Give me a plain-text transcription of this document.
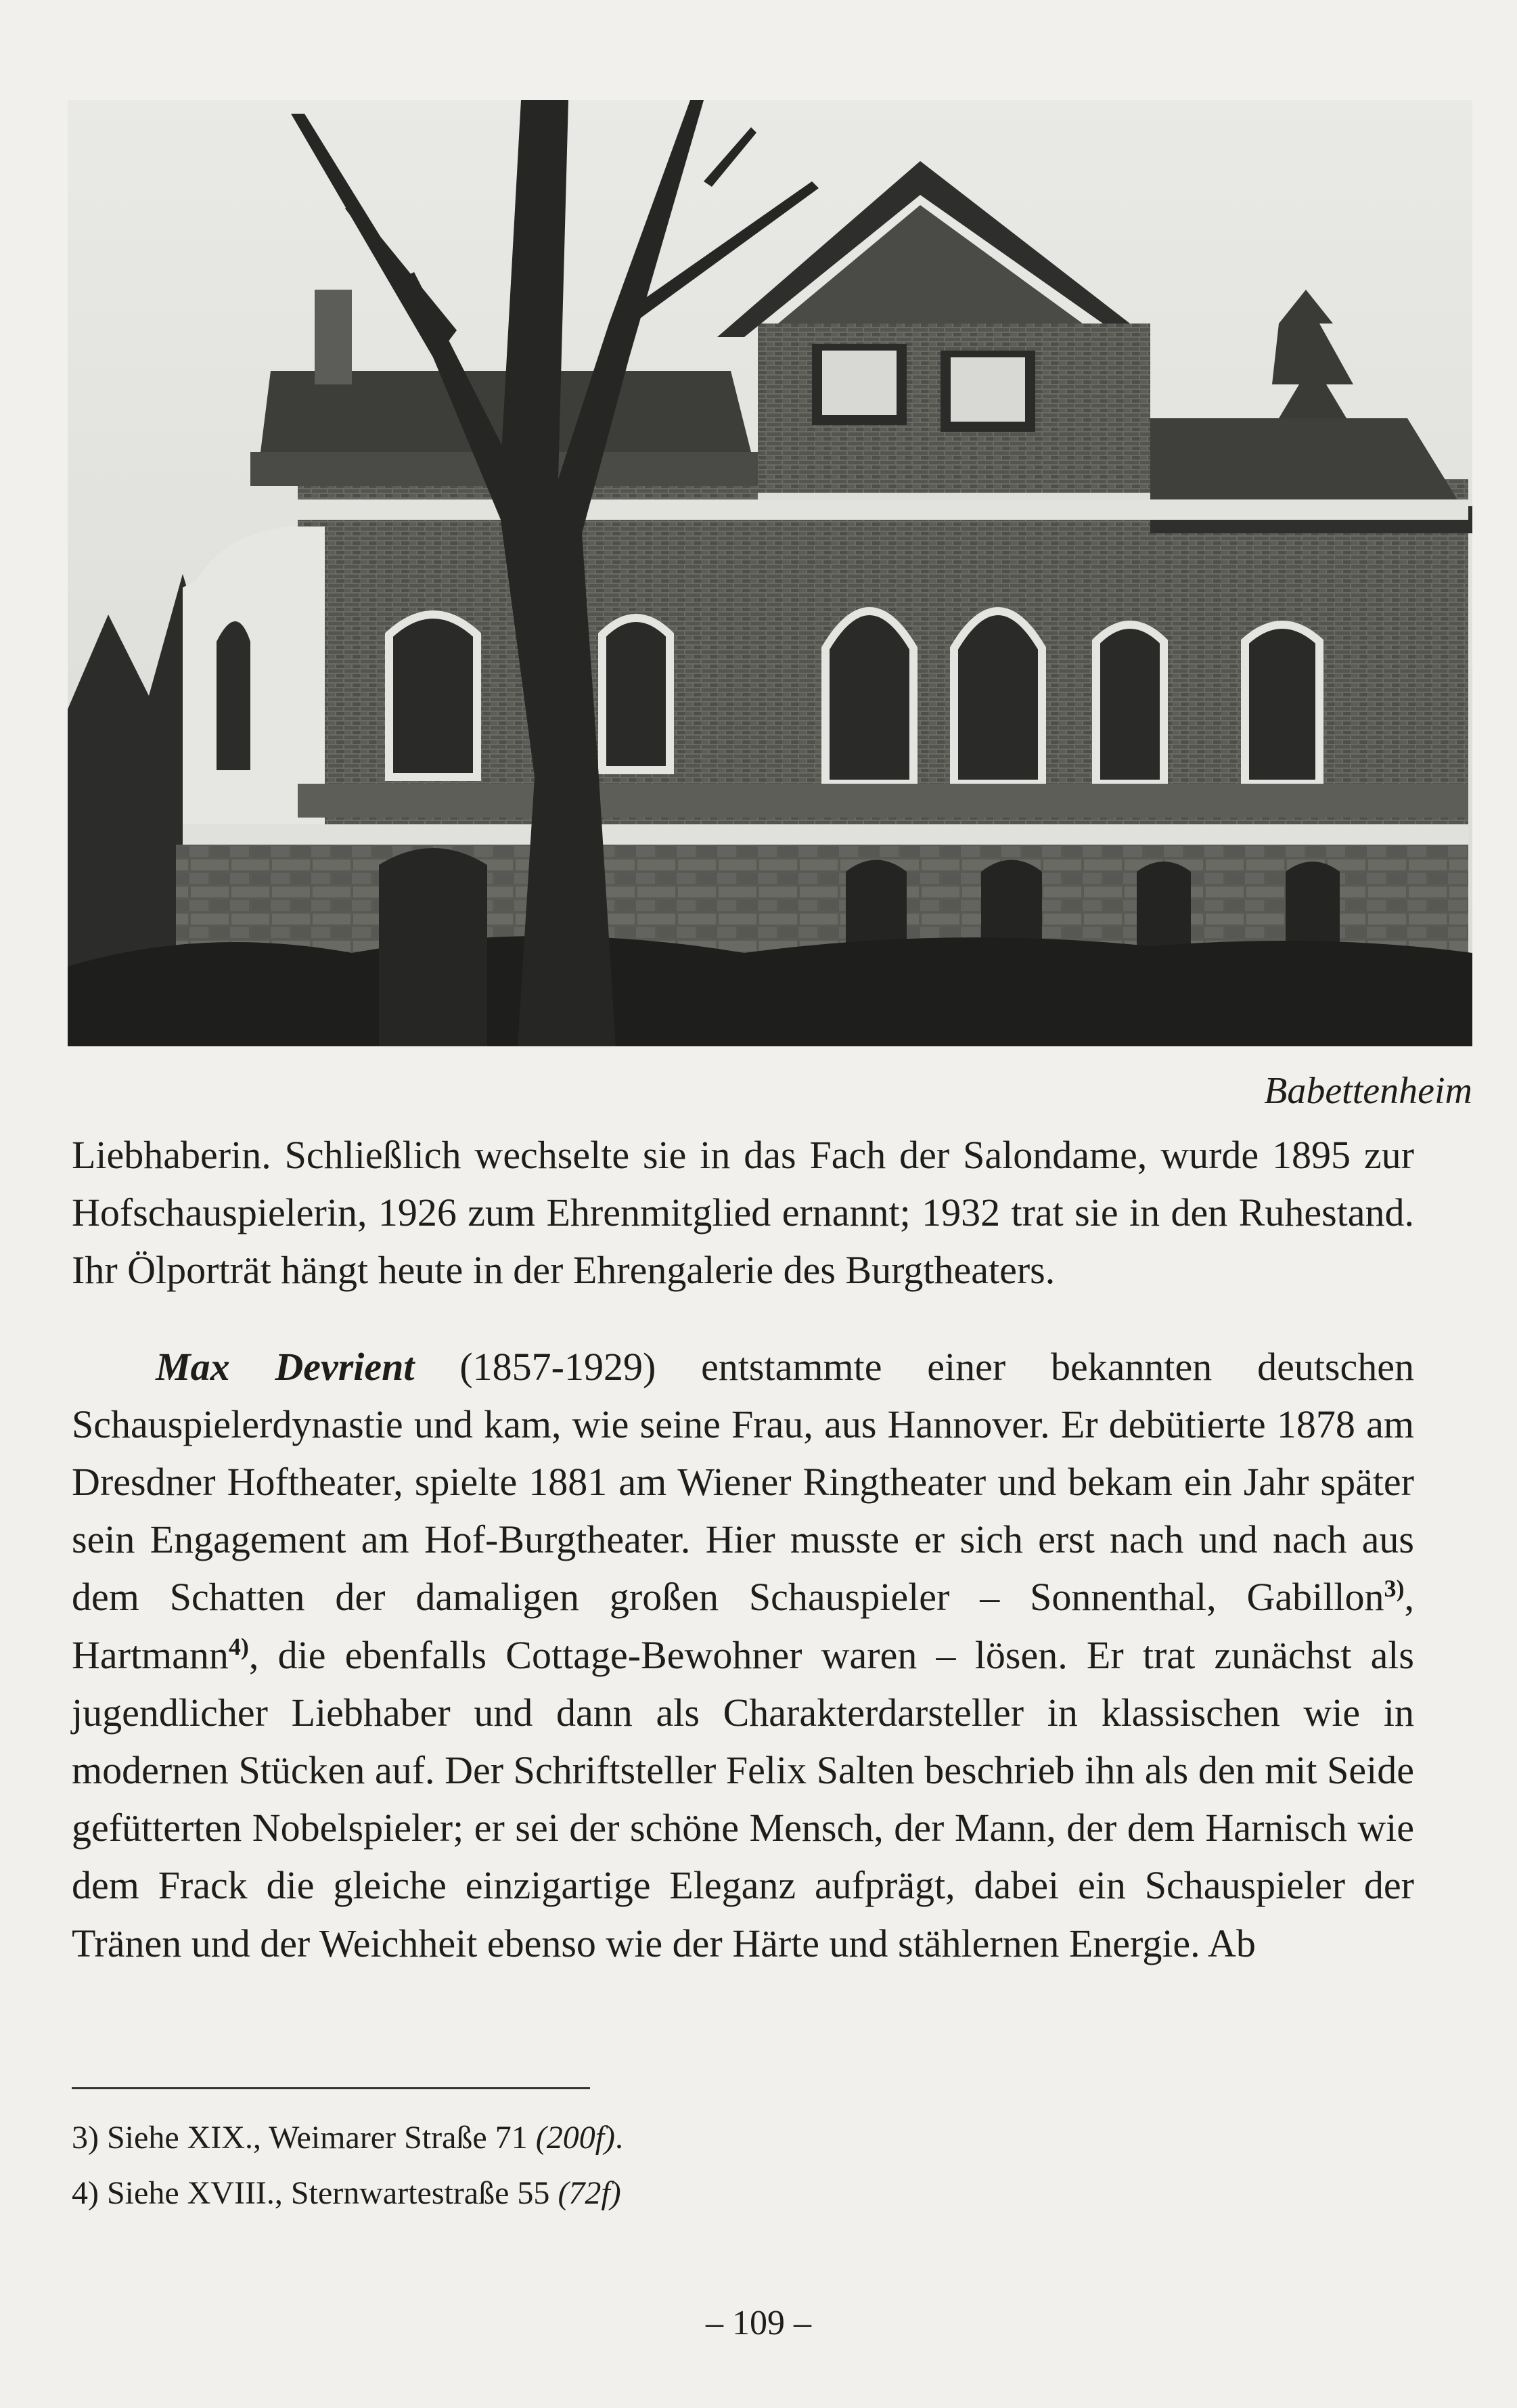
Babettenheim

Liebhaberin. Schließlich wechselte sie in das Fach der Salondame, wurde 1895 zur Hofschauspielerin, 1926 zum Ehrenmitglied ernannt; 1932 trat sie in den Ruhestand. Ihr Ölporträt hängt heute in der Ehrengalerie des Burgtheaters.

Max Devrient (1857-1929) entstammte einer bekannten deutschen Schauspielerdynastie und kam, wie seine Frau, aus Hannover. Er debütierte 1878 am Dresdner Hoftheater, spielte 1881 am Wiener Ringtheater und bekam ein Jahr später sein Engagement am Hof-Burgtheater. Hier musste er sich erst nach und nach aus dem Schatten der damaligen großen Schauspieler – Sonnenthal, Gabillon$^{3)}$, Hartmann$^{4)}$, die ebenfalls Cottage-Bewohner waren – lösen. Er trat zunächst als jugendlicher Liebhaber und dann als Charakterdarsteller in klassischen wie in modernen Stücken auf. Der Schriftsteller Felix Salten beschrieb ihn als den mit Seide gefütterten Nobelspieler; er sei der schöne Mensch, der Mann, der dem Harnisch wie dem Frack die gleiche einzigartige Eleganz aufprägt, dabei ein Schauspieler der Tränen und der Weichheit ebenso wie der Härte und stählernen Energie. Ab

3) Siehe XIX., Weimarer Straße 71 (200f).
4) Siehe XVIII., Sternwartestraße 55 (72f)
– 109 –
